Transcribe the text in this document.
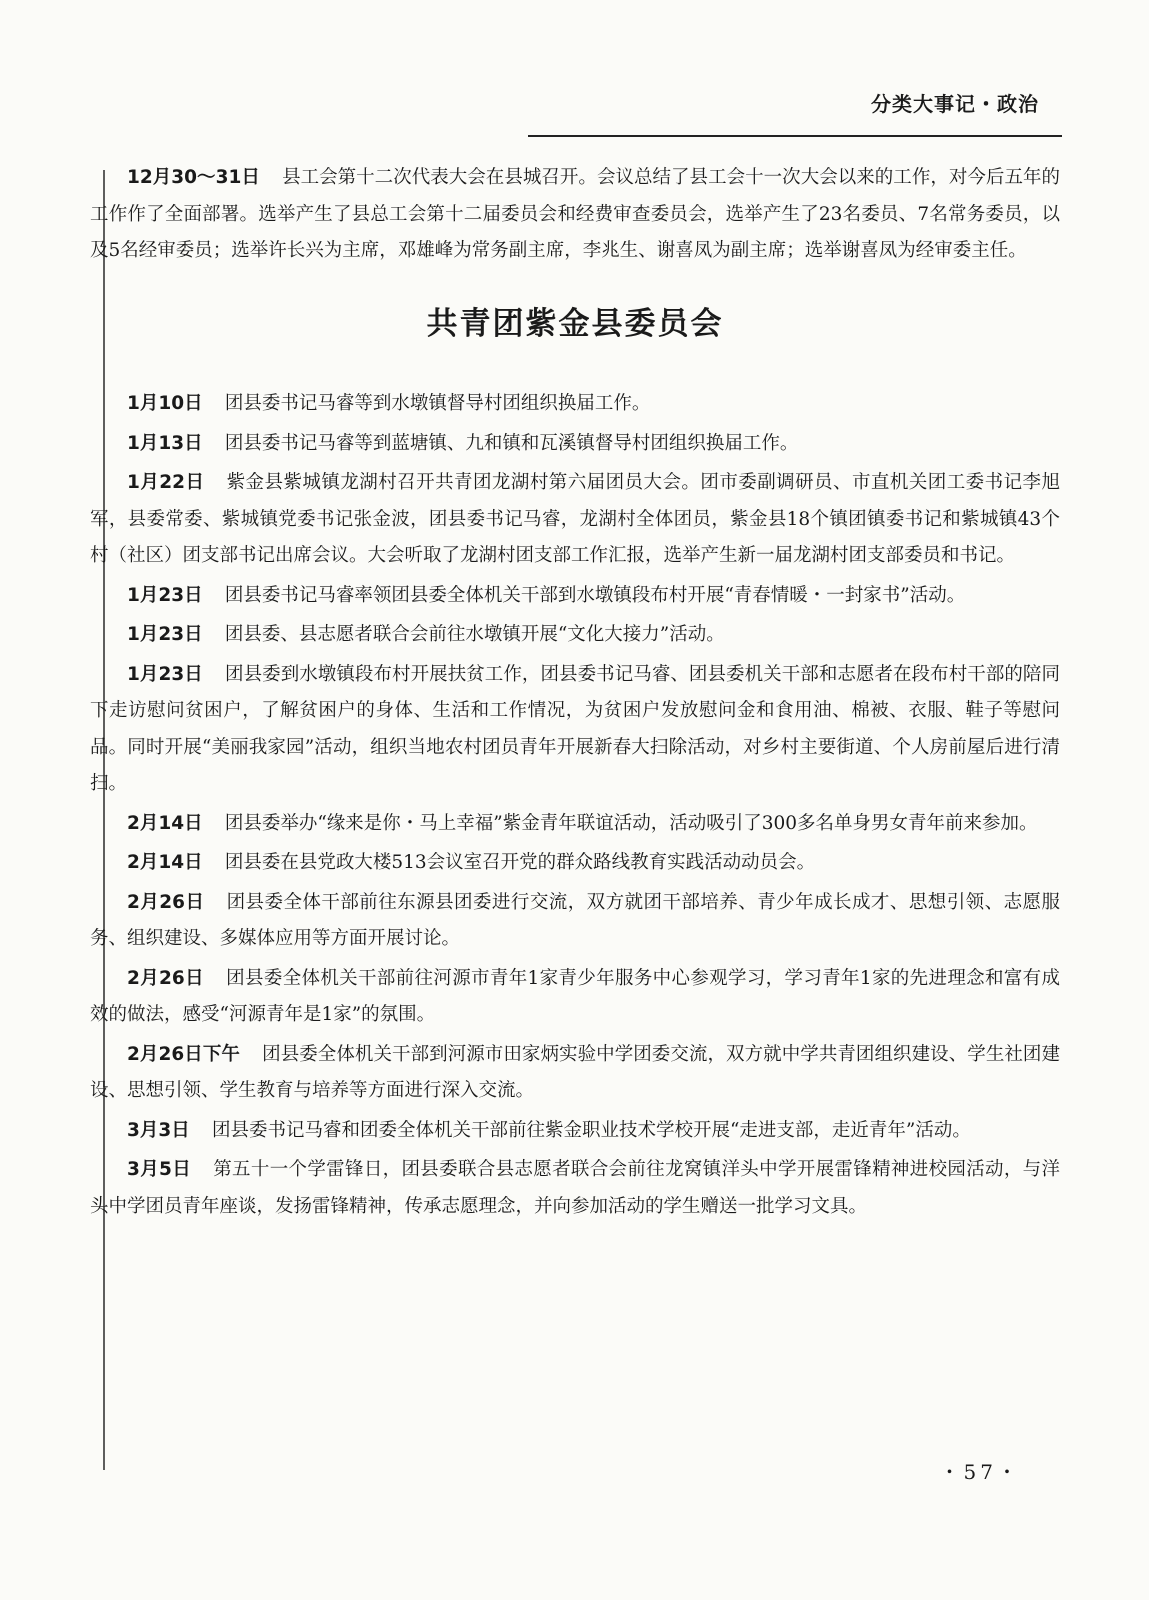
分类大事记・政治

12月30～31日 县工会第十二次代表大会在县城召开。会议总结了县工会十一次大会以来的工作，对今后五年的工作作了全面部署。选举产生了县总工会第十二届委员会和经费审查委员会，选举产生了23名委员、7名常务委员，以及5名经审委员；选举许长兴为主席，邓雄峰为常务副主席，李兆生、谢喜凤为副主席；选举谢喜凤为经审委主任。

共青团紫金县委员会

1月10日 团县委书记马睿等到水墩镇督导村团组织换届工作。

1月13日 团县委书记马睿等到蓝塘镇、九和镇和瓦溪镇督导村团组织换届工作。

1月22日 紫金县紫城镇龙湖村召开共青团龙湖村第六届团员大会。团市委副调研员、市直机关团工委书记李旭军，县委常委、紫城镇党委书记张金波，团县委书记马睿，龙湖村全体团员，紫金县18个镇团镇委书记和紫城镇43个村（社区）团支部书记出席会议。大会听取了龙湖村团支部工作汇报，选举产生新一届龙湖村团支部委员和书记。

1月23日 团县委书记马睿率领团县委全体机关干部到水墩镇段布村开展“青春情暖・一封家书”活动。

1月23日 团县委、县志愿者联合会前往水墩镇开展“文化大接力”活动。

1月23日 团县委到水墩镇段布村开展扶贫工作，团县委书记马睿、团县委机关干部和志愿者在段布村干部的陪同下走访慰问贫困户，了解贫困户的身体、生活和工作情况，为贫困户发放慰问金和食用油、棉被、衣服、鞋子等慰问品。同时开展“美丽我家园”活动，组织当地农村团员青年开展新春大扫除活动，对乡村主要街道、个人房前屋后进行清扫。

2月14日 团县委举办“缘来是你・马上幸福”紫金青年联谊活动，活动吸引了300多名单身男女青年前来参加。

2月14日 团县委在县党政大楼513会议室召开党的群众路线教育实践活动动员会。

2月26日 团县委全体干部前往东源县团委进行交流，双方就团干部培养、青少年成长成才、思想引领、志愿服务、组织建设、多媒体应用等方面开展讨论。

2月26日 团县委全体机关干部前往河源市青年1家青少年服务中心参观学习，学习青年1家的先进理念和富有成效的做法，感受“河源青年是1家”的氛围。

2月26日下午 团县委全体机关干部到河源市田家炳实验中学团委交流，双方就中学共青团组织建设、学生社团建设、思想引领、学生教育与培养等方面进行深入交流。

3月3日 团县委书记马睿和团委全体机关干部前往紫金职业技术学校开展“走进支部，走近青年”活动。

3月5日 第五十一个学雷锋日，团县委联合县志愿者联合会前往龙窝镇洋头中学开展雷锋精神进校园活动，与洋头中学团员青年座谈，发扬雷锋精神，传承志愿理念，并向参加活动的学生赠送一批学习文具。

・57・
